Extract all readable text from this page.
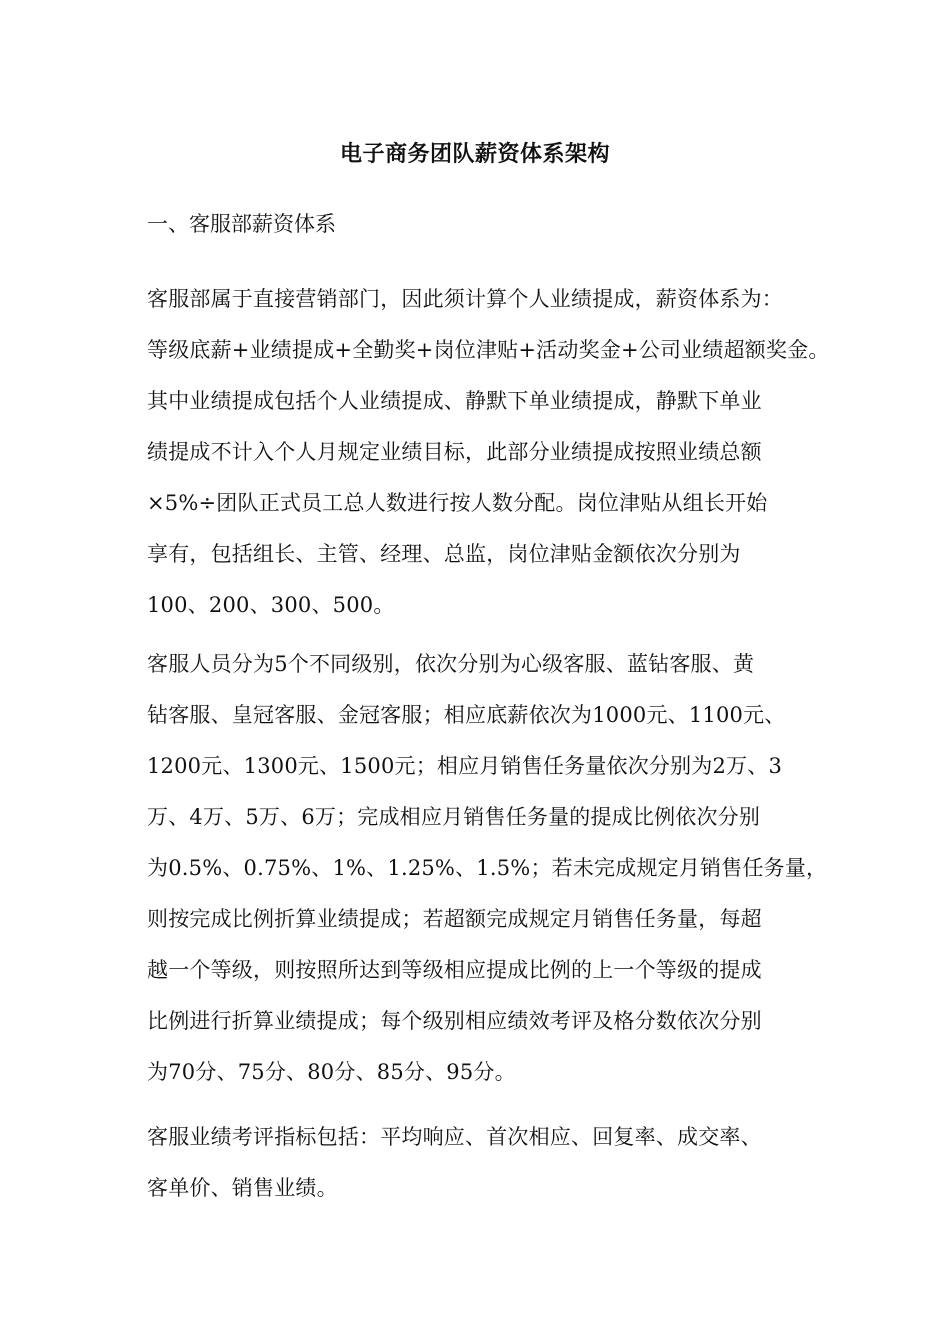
电子商务团队薪资体系架构
一、客服部薪资体系
客服部属于直接营销部门，因此须计算个人业绩提成，薪资体系为：
等级底薪+业绩提成+全勤奖+岗位津贴+活动奖金+公司业绩超额奖金。
其中业绩提成包括个人业绩提成、静默下单业绩提成，静默下单业
绩提成不计入个人月规定业绩目标，此部分业绩提成按照业绩总额
×5%÷团队正式员工总人数进行按人数分配。岗位津贴从组长开始
享有，包括组长、主管、经理、总监，岗位津贴金额依次分别为
100、200、300、500。
客服人员分为5个不同级别，依次分别为心级客服、蓝钻客服、黄
钻客服、皇冠客服、金冠客服；相应底薪依次为1000元、1100元、
1200元、1300元、1500元；相应月销售任务量依次分别为2万、3
万、4万、5万、6万；完成相应月销售任务量的提成比例依次分别
为0.5%、0.75%、1%、1.25%、1.5%；若未完成规定月销售任务量，
则按完成比例折算业绩提成；若超额完成规定月销售任务量，每超
越一个等级，则按照所达到等级相应提成比例的上一个等级的提成
比例进行折算业绩提成；每个级别相应绩效考评及格分数依次分别
为70分、75分、80分、85分、95分。
客服业绩考评指标包括：平均响应、首次相应、回复率、成交率、
客单价、销售业绩。
